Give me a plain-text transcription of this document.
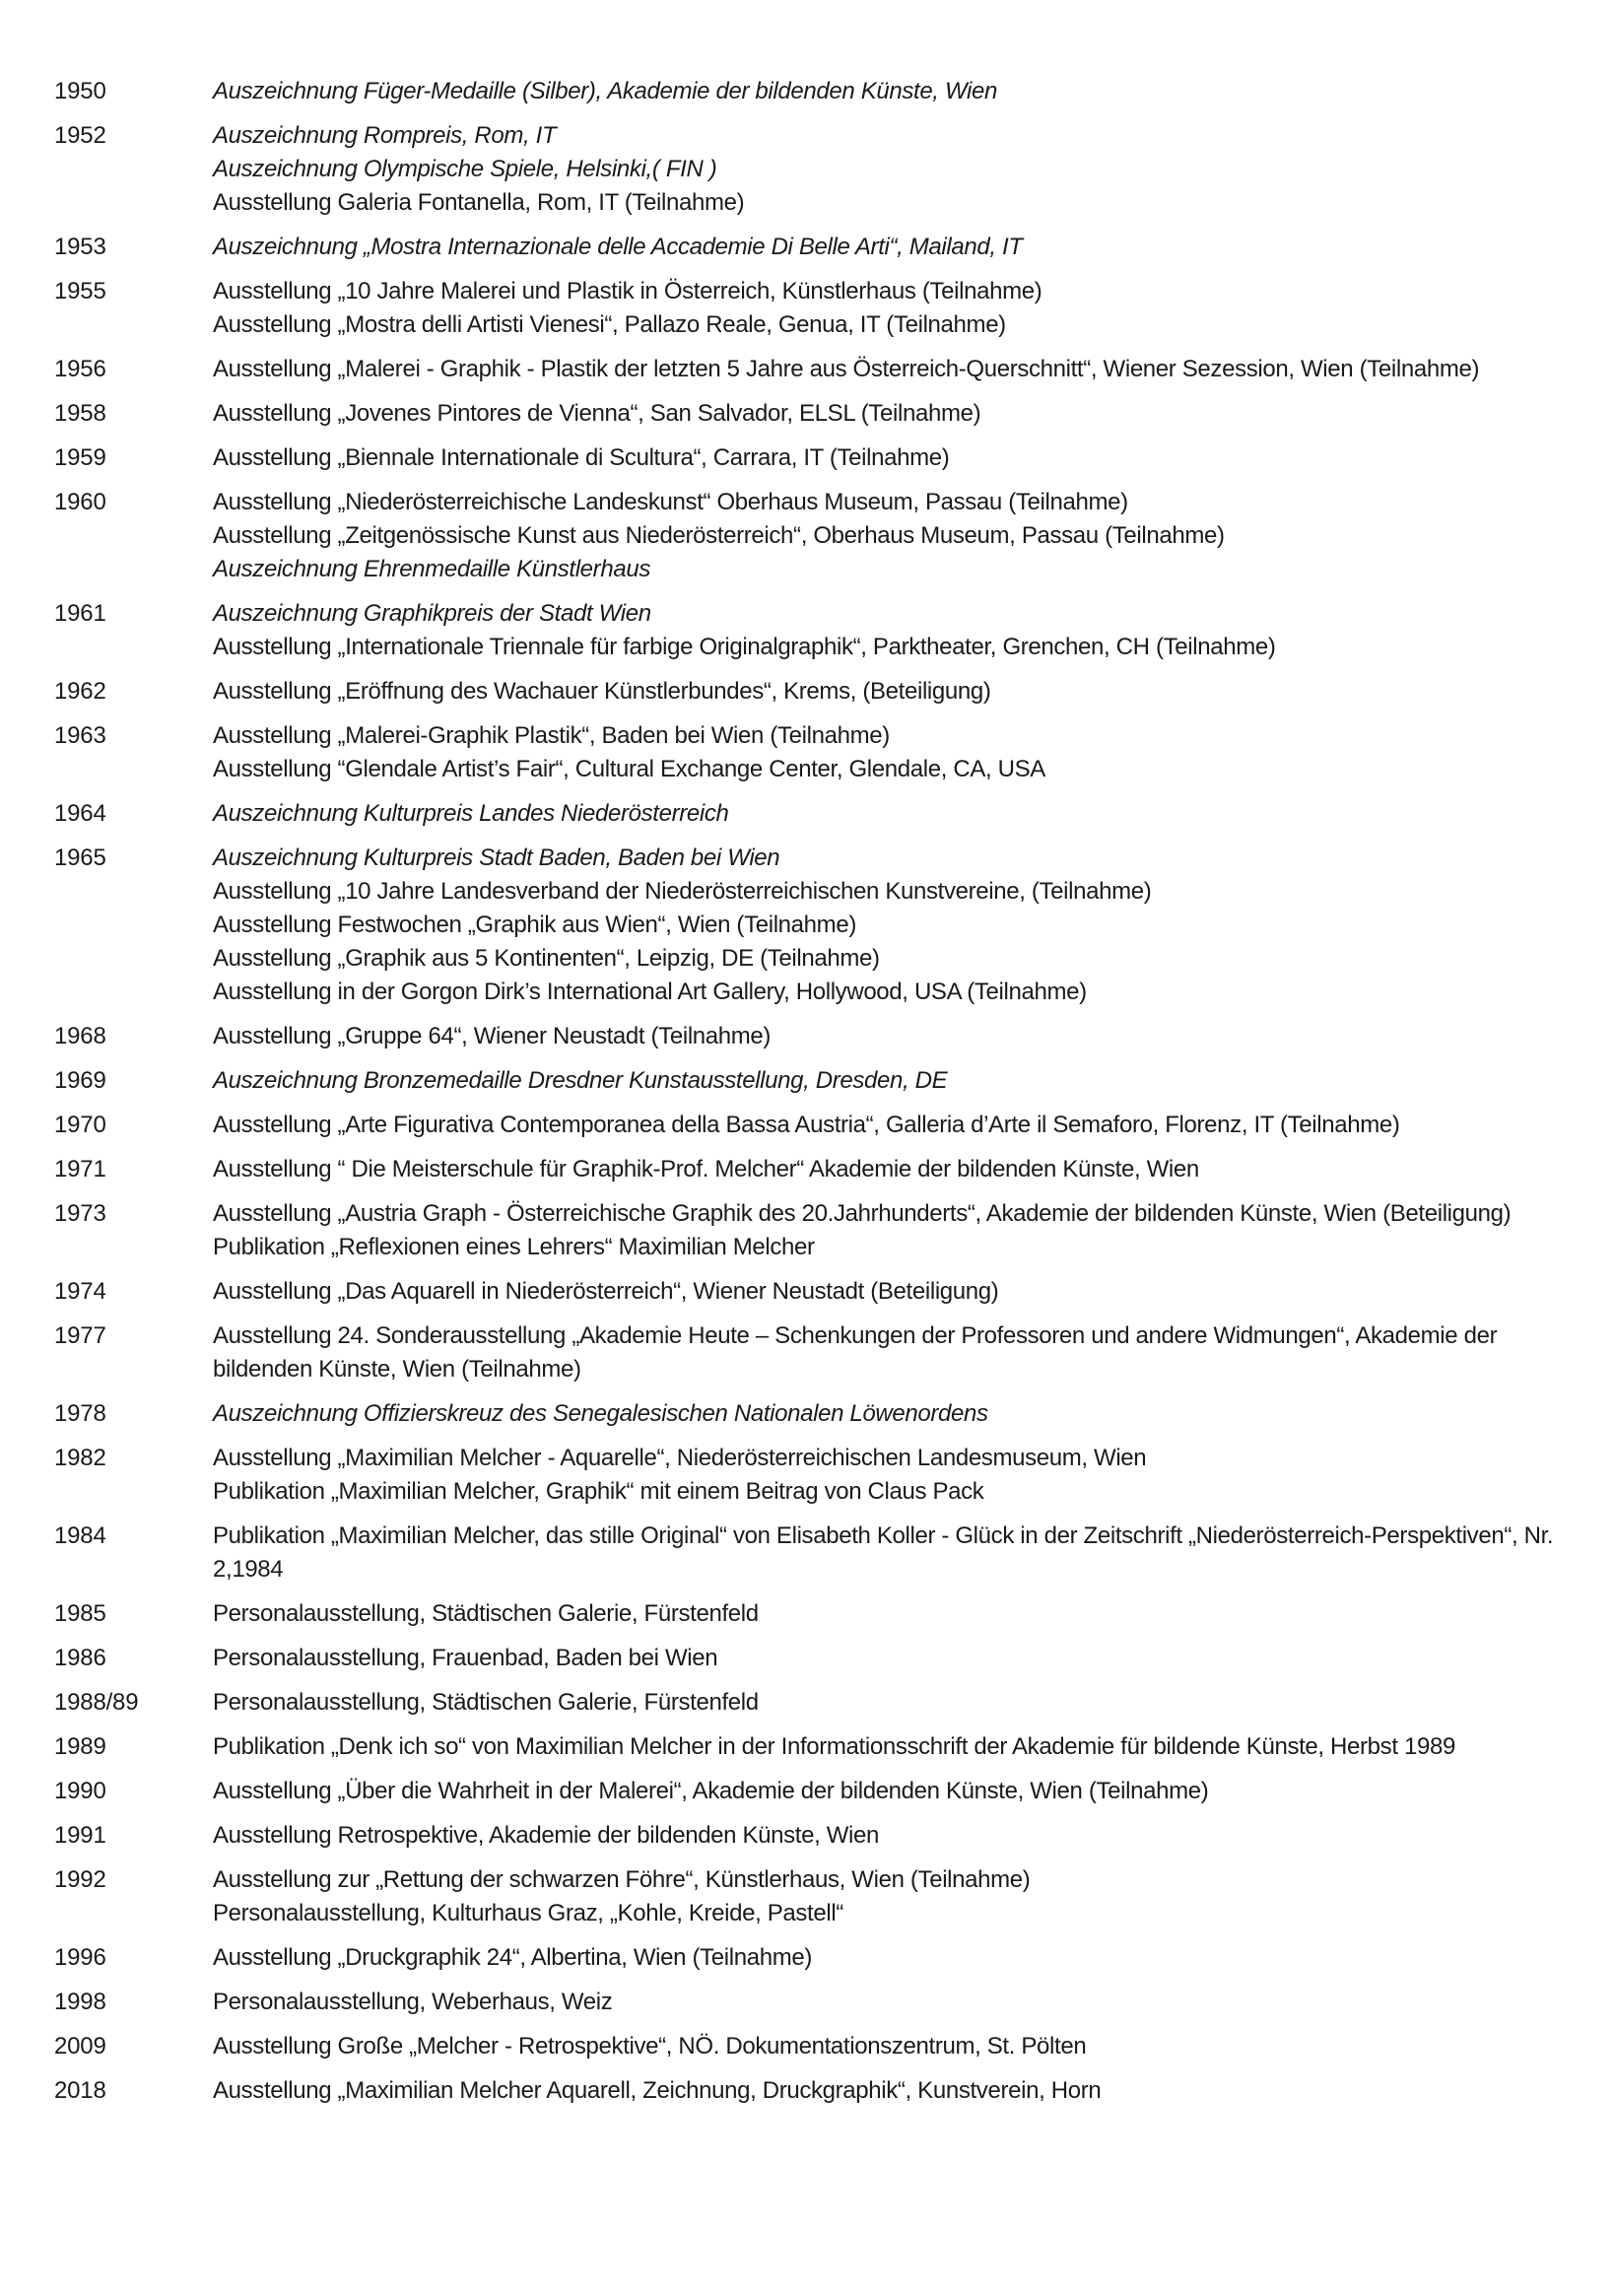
1950	Auszeichnung Füger-Medaille (Silber), Akademie der bildenden Künste, Wien
1952	Auszeichnung Rompreis, Rom, IT
Auszeichnung Olympische Spiele, Helsinki,( FIN )
Ausstellung Galeria Fontanella, Rom, IT (Teilnahme)
1953	Auszeichnung „Mostra Internazionale delle Accademie Di Belle Arti“, Mailand, IT
1955	Ausstellung „10 Jahre Malerei und Plastik in Österreich, Künstlerhaus (Teilnahme)
Ausstellung „Mostra delli Artisti Vienesi“, Pallazo Reale, Genua, IT (Teilnahme)
1956	Ausstellung „Malerei - Graphik - Plastik der letzten 5 Jahre aus Österreich-Querschnitt“, Wiener Sezession, Wien (Teilnahme)
1958	Ausstellung „Jovenes Pintores de Vienna“, San Salvador, ELSL (Teilnahme)
1959	Ausstellung „Biennale Internationale di Scultura“, Carrara, IT (Teilnahme)
1960	Ausstellung „Niederösterreichische Landeskunst“ Oberhaus Museum, Passau (Teilnahme)
Ausstellung „Zeitgenössische Kunst aus Niederösterreich“, Oberhaus Museum, Passau (Teilnahme)
Auszeichnung Ehrenmedaille Künstlerhaus
1961	Auszeichnung Graphikpreis der Stadt Wien
Ausstellung „Internationale Triennale für farbige Originalgraphik“, Parktheater, Grenchen, CH (Teilnahme)
1962	Ausstellung „Eröffnung des Wachauer Künstlerbundes“, Krems, (Beteiligung)
1963	Ausstellung „Malerei-Graphik Plastik“, Baden bei Wien (Teilnahme)
Ausstellung “Glendale Artist’s Fair“, Cultural Exchange Center, Glendale, CA, USA
1964	Auszeichnung Kulturpreis Landes Niederösterreich
1965	Auszeichnung Kulturpreis Stadt Baden, Baden bei Wien
Ausstellung „10 Jahre Landesverband der Niederösterreichischen Kunstvereine, (Teilnahme)
Ausstellung Festwochen „Graphik aus Wien“, Wien (Teilnahme)
Ausstellung „Graphik aus 5 Kontinenten“, Leipzig, DE (Teilnahme)
Ausstellung in der Gorgon Dirk’s International Art Gallery, Hollywood, USA (Teilnahme)
1968	Ausstellung „Gruppe 64“, Wiener Neustadt (Teilnahme)
1969	Auszeichnung Bronzemedaille Dresdner Kunstausstellung, Dresden, DE
1970	Ausstellung „Arte Figurativa Contemporanea della Bassa Austria“, Galleria d’Arte il Semaforo, Florenz, IT (Teilnahme)
1971	Ausstellung “ Die Meisterschule für Graphik-Prof. Melcher“ Akademie der bildenden Künste, Wien
1973	Ausstellung „Austria Graph - Österreichische Graphik des 20.Jahrhunderts“, Akademie der bildenden Künste, Wien (Beteiligung)
Publikation „Reflexionen eines Lehrers“ Maximilian Melcher
1974	Ausstellung „Das Aquarell in Niederösterreich“, Wiener Neustadt (Beteiligung)
1977	Ausstellung 24. Sonderausstellung „Akademie Heute – Schenkungen der Professoren und andere Widmungen“, Akademie der bildenden Künste, Wien (Teilnahme)
1978	Auszeichnung Offizierskreuz des Senegalesischen Nationalen Löwenordens
1982	Ausstellung „Maximilian Melcher - Aquarelle“, Niederösterreichischen Landesmuseum, Wien
Publikation „Maximilian Melcher, Graphik“ mit einem Beitrag von Claus Pack
1984	Publikation „Maximilian Melcher, das stille Original“ von Elisabeth Koller - Glück in der Zeitschrift „Niederösterreich-Perspektiven“, Nr. 2,1984
1985	Personalausstellung, Städtischen Galerie, Fürstenfeld
1986	Personalausstellung, Frauenbad, Baden bei Wien
1988/89	Personalausstellung, Städtischen Galerie, Fürstenfeld
1989	Publikation „Denk ich so“ von Maximilian Melcher in der Informationsschrift der Akademie für bildende Künste, Herbst 1989
1990	Ausstellung „Über die Wahrheit in der Malerei“, Akademie der bildenden Künste, Wien (Teilnahme)
1991	Ausstellung Retrospektive, Akademie der bildenden Künste, Wien
1992	Ausstellung zur „Rettung der schwarzen Föhre“, Künstlerhaus, Wien (Teilnahme)
Personalausstellung, Kulturhaus Graz, „Kohle, Kreide, Pastell“
1996	Ausstellung „Druckgraphik 24“, Albertina, Wien (Teilnahme)
1998	Personalausstellung, Weberhaus, Weiz
2009	Ausstellung Große „Melcher - Retrospektive“, NÖ. Dokumentationszentrum, St. Pölten
2018	Ausstellung „Maximilian Melcher Aquarell, Zeichnung, Druckgraphik“, Kunstverein, Horn
